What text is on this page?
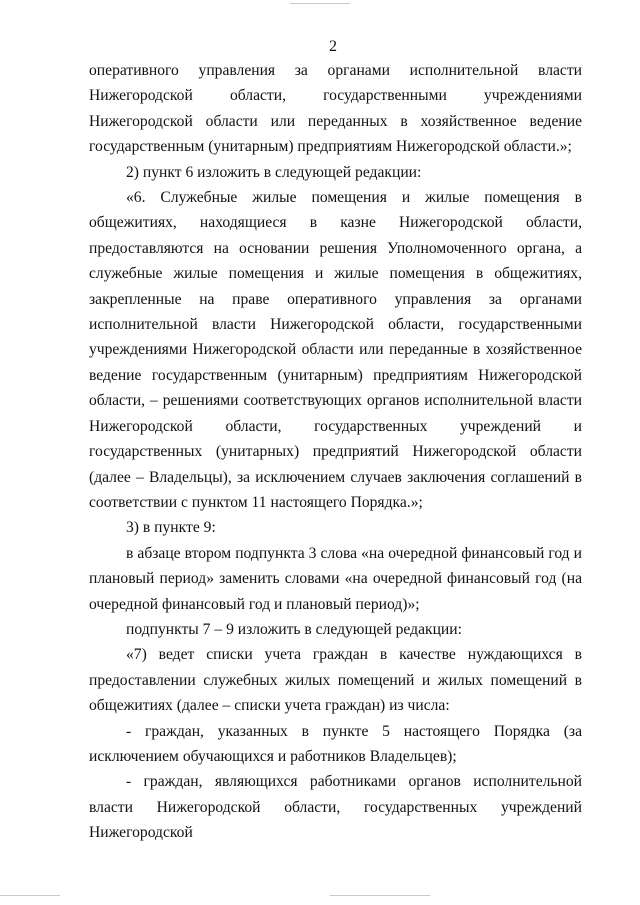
2

оперативного управления за органами исполнительной власти Нижегородской области, государственными учреждениями Нижегородской области или переданных в хозяйственное ведение государственным (унитарным) предприятиям Нижегородской области.»;

2) пункт 6 изложить в следующей редакции:

«6. Служебные жилые помещения и жилые помещения в общежитиях, находящиеся в казне Нижегородской области, предоставляются на основании решения Уполномоченного органа, а служебные жилые помещения и жилые помещения в общежитиях, закрепленные на праве оперативного управления за органами исполнительной власти Нижегородской области, государственными учреждениями Нижегородской области или переданные в хозяйственное ведение государственным (унитарным) предприятиям Нижегородской области, – решениями соответствующих органов исполнительной власти Нижегородской области, государственных учреждений и государственных (унитарных) предприятий Нижегородской области (далее – Владельцы), за исключением случаев заключения соглашений в соответствии с пунктом 11 настоящего Порядка.»;

3) в пункте 9:

в абзаце втором подпункта 3 слова «на очередной финансовый год и плановый период» заменить словами «на очередной финансовый год (на очередной финансовый год и плановый период)»;

подпункты 7 – 9 изложить в следующей редакции:

«7) ведет списки учета граждан в качестве нуждающихся в предоставлении служебных жилых помещений и жилых помещений в общежитиях (далее – списки учета граждан) из числа:

- граждан, указанных в пункте 5 настоящего Порядка (за исключением обучающихся и работников Владельцев);

- граждан, являющихся работниками органов исполнительной власти Нижегородской области, государственных учреждений Нижегородской
